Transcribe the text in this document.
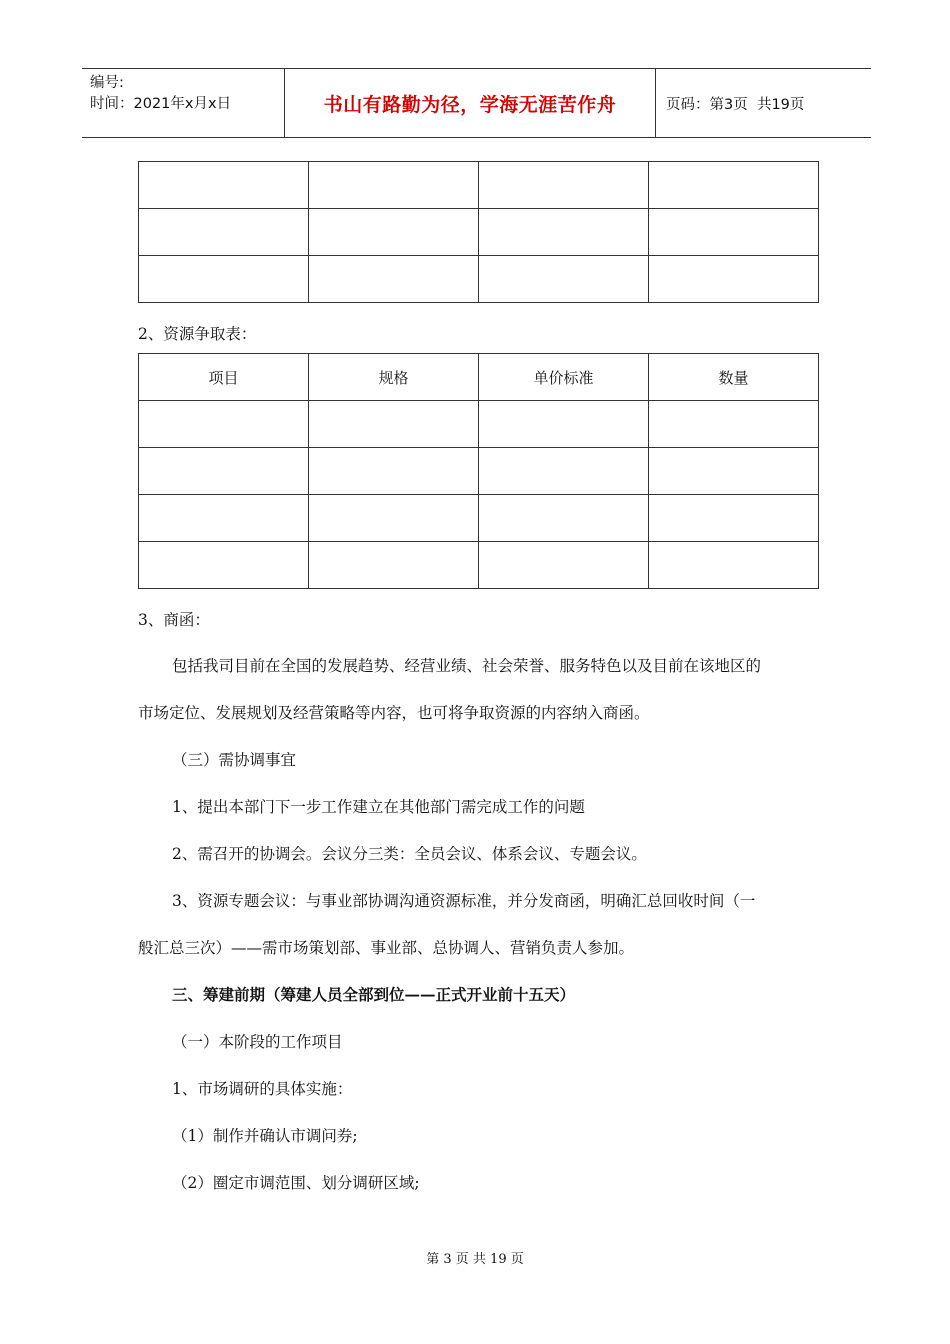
编号:
时间：2021年x月x日	书山有路勤为径，学海无涯苦作舟	页码：第3页  共19页

2、资源争取表：
项目	规格	单价标准	数量

3、商函：
包括我司目前在全国的发展趋势、经营业绩、社会荣誉、服务特色以及目前在该地区的
市场定位、发展规划及经营策略等内容，也可将争取资源的内容纳入商函。
（三）需协调事宜
1、提出本部门下一步工作建立在其他部门需完成工作的问题
2、需召开的协调会。会议分三类：全员会议、体系会议、专题会议。
3、资源专题会议：与事业部协调沟通资源标准，并分发商函，明确汇总回收时间（一
般汇总三次）——需市场策划部、事业部、总协调人、营销负责人参加。
三、筹建前期（筹建人员全部到位——正式开业前十五天）
（一）本阶段的工作项目
1、市场调研的具体实施：
（1）制作并确认市调问券;
（2）圈定市调范围、划分调研区域;
第 3 页 共 19 页
